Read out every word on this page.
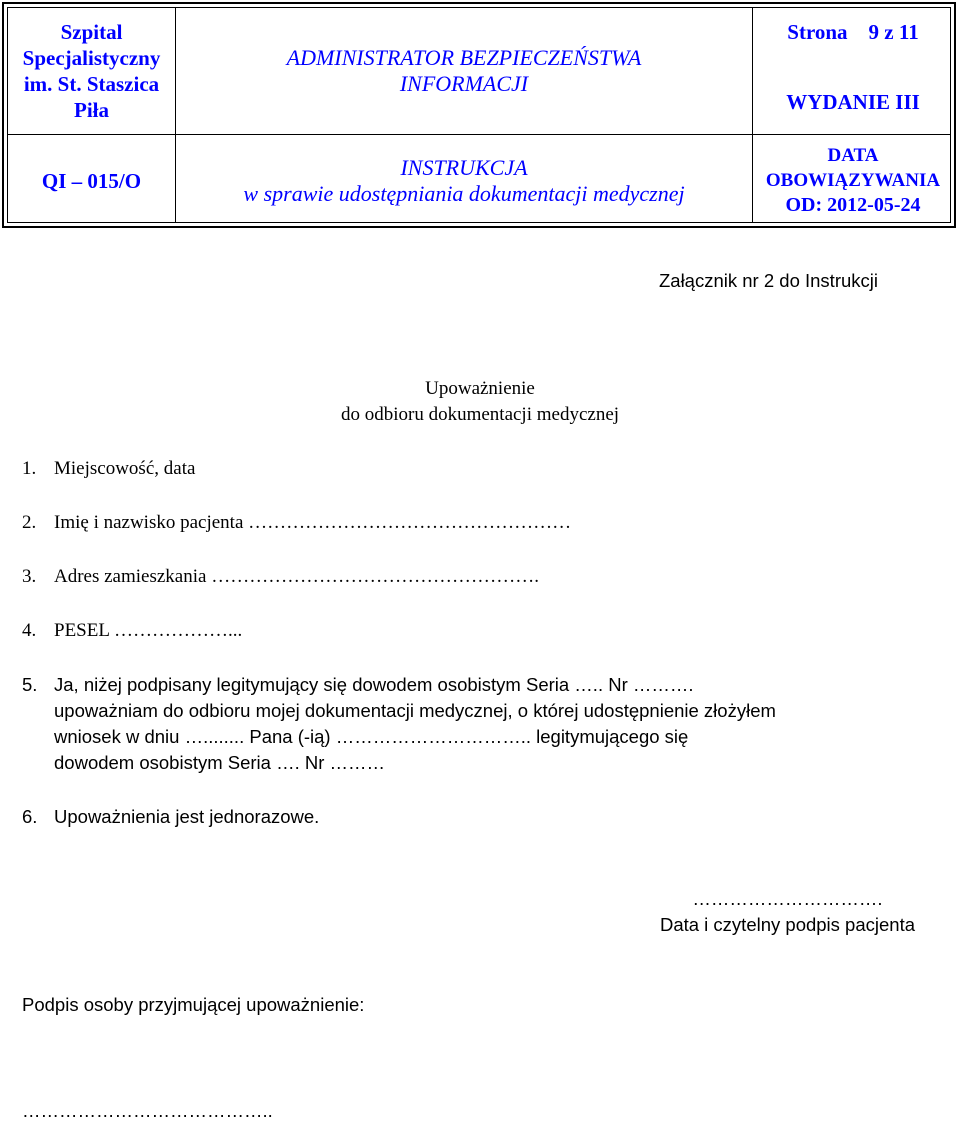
Szpital
Specjalistyczny
im. St. Staszica
Piła
ADMINISTRATOR BEZPIECZEŃSTWA
INFORMACJI
Strona    9 z 11
WYDANIE III
QI – 015/O
INSTRUKCJA
w sprawie udostępniania dokumentacji medycznej
DATA
OBOWIĄZYWANIA
OD: 2012-05-24
Załącznik nr 2 do Instrukcji
Upoważnienie
do odbioru dokumentacji medycznej
1. Miejscowość, data
2. Imię i nazwisko pacjenta ……………………………………………
3. Adres zamieszkania …………………………………………….
4. PESEL ………………...
5. Ja, niżej podpisany legitymujący się dowodem osobistym Seria ….. Nr ……….
upoważniam do odbioru mojej dokumentacji medycznej, o której udostępnienie złożyłem
wniosek w dniu …........ Pana (-ią) ………………………….. legitymującego się
dowodem osobistym Seria …. Nr ………
6. Upoważnienia jest jednorazowe.
………………………….
Data i czytelny podpis pacjenta
Podpis osoby przyjmującej upoważnienie:
…………………………………..
